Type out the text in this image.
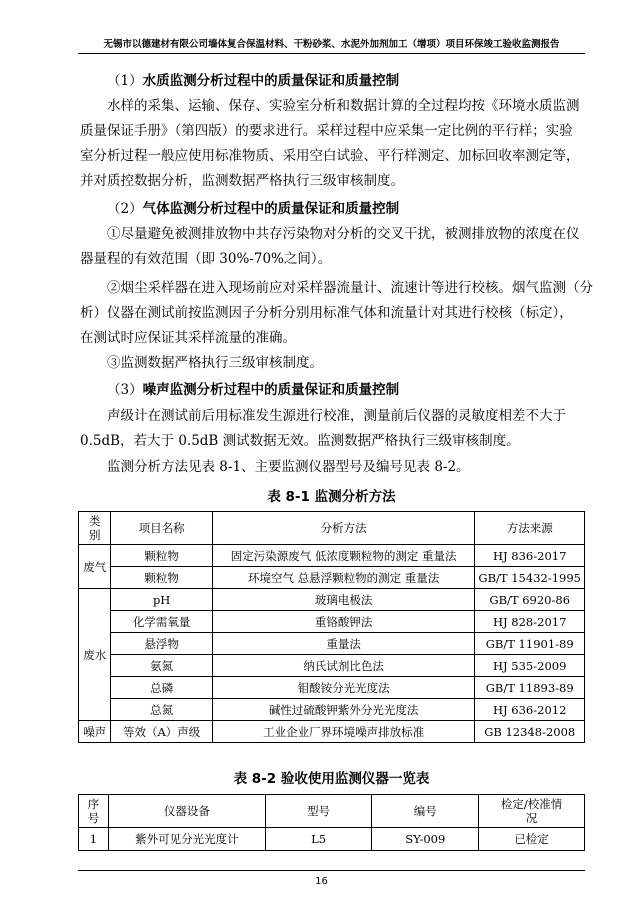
无锡市以德建材有限公司墙体复合保温材料、干粉砂浆、水泥外加剂加工（增项）项目环保竣工验收监测报告
（1）水质监测分析过程中的质量保证和质量控制
水样的采集、运输、保存、实验室分析和数据计算的全过程均按《环境水质监测
质量保证手册》（第四版）的要求进行。采样过程中应采集一定比例的平行样；实验
室分析过程一般应使用标准物质、采用空白试验、平行样测定、加标回收率测定等，
并对质控数据分析，监测数据严格执行三级审核制度。
（2）气体监测分析过程中的质量保证和质量控制
①尽量避免被测排放物中共存污染物对分析的交叉干扰，被测排放物的浓度在仪
器量程的有效范围（即 30%-70%之间）。
②烟尘采样器在进入现场前应对采样器流量计、流速计等进行校核。烟气监测（分
析）仪器在测试前按监测因子分析分别用标准气体和流量计对其进行校核（标定），
在测试时应保证其采样流量的准确。
③监测数据严格执行三级审核制度。
（3）噪声监测分析过程中的质量保证和质量控制
声级计在测试前后用标准发生源进行校准，测量前后仪器的灵敏度相差不大于
0.5dB，若大于 0.5dB 测试数据无效。监测数据严格执行三级审核制度。
监测分析方法见表 8-1、主要监测仪器型号及编号见表 8-2。
表 8-1 监测分析方法
类
别	项目名称	分析方法	方法来源
废气	颗粒物	固定污染源废气 低浓度颗粒物的测定 重量法	HJ 836-2017
	颗粒物	环境空气 总悬浮颗粒物的测定 重量法	GB/T 15432-1995
废水	pH	玻璃电极法	GB/T 6920-86
	化学需氧量	重铬酸钾法	HJ 828-2017
	悬浮物	重量法	GB/T 11901-89
	氨氮	纳氏试剂比色法	HJ 535-2009
	总磷	钼酸铵分光光度法	GB/T 11893-89
	总氮	碱性过硫酸钾紫外分光光度法	HJ 636-2012
噪声	等效（A）声级	工业企业厂界环境噪声排放标准	GB 12348-2008
表 8-2 验收使用监测仪器一览表
序
号	仪器设备	型号	编号	检定/校准情
况
1	紫外可见分光光度计	L5	SY-009	已检定
16
